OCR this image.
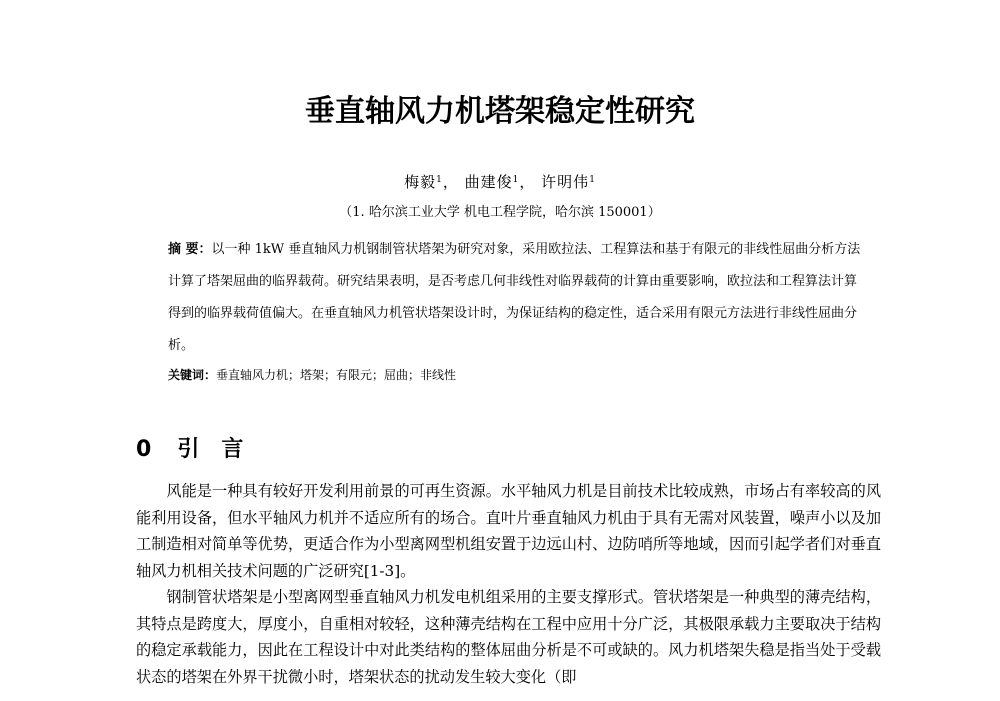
垂直轴风力机塔架稳定性研究
梅毅$^1$， 曲建俊$^1$， 许明伟$^1$
（1. 哈尔滨工业大学 机电工程学院，哈尔滨 150001）
摘 要：以一种 1kW 垂直轴风力机钢制管状塔架为研究对象，采用欧拉法、工程算法和基于有限元的非线性屈曲分析方法计算了塔架屈曲的临界载荷。研究结果表明，是否考虑几何非线性对临界载荷的计算由重要影响，欧拉法和工程算法计算得到的临界载荷值偏大。在垂直轴风力机管状塔架设计时，为保证结构的稳定性，适合采用有限元方法进行非线性屈曲分析。
关键词：垂直轴风力机；塔架；有限元；屈曲；非线性
0 引言

风能是一种具有较好开发利用前景的可再生资源。水平轴风力机是目前技术比较成熟，市场占有率较高的风能利用设备，但水平轴风力机并不适应所有的场合。直叶片垂直轴风力机由于具有无需对风装置，噪声小以及加工制造相对简单等优势，更适合作为小型离网型机组安置于边远山村、边防哨所等地域，因而引起学者们对垂直轴风力机相关技术问题的广泛研究[1-3]。

钢制管状塔架是小型离网型垂直轴风力机发电机组采用的主要支撑形式。管状塔架是一种典型的薄壳结构，其特点是跨度大，厚度小，自重相对较轻，这种薄壳结构在工程中应用十分广泛，其极限承载力主要取决于结构的稳定承载能力，因此在工程设计中对此类结构的整体屈曲分析是不可或缺的。风力机塔架失稳是指当处于受载状态的塔架在外界干扰微小时，塔架状态的扰动发生较大变化（即
